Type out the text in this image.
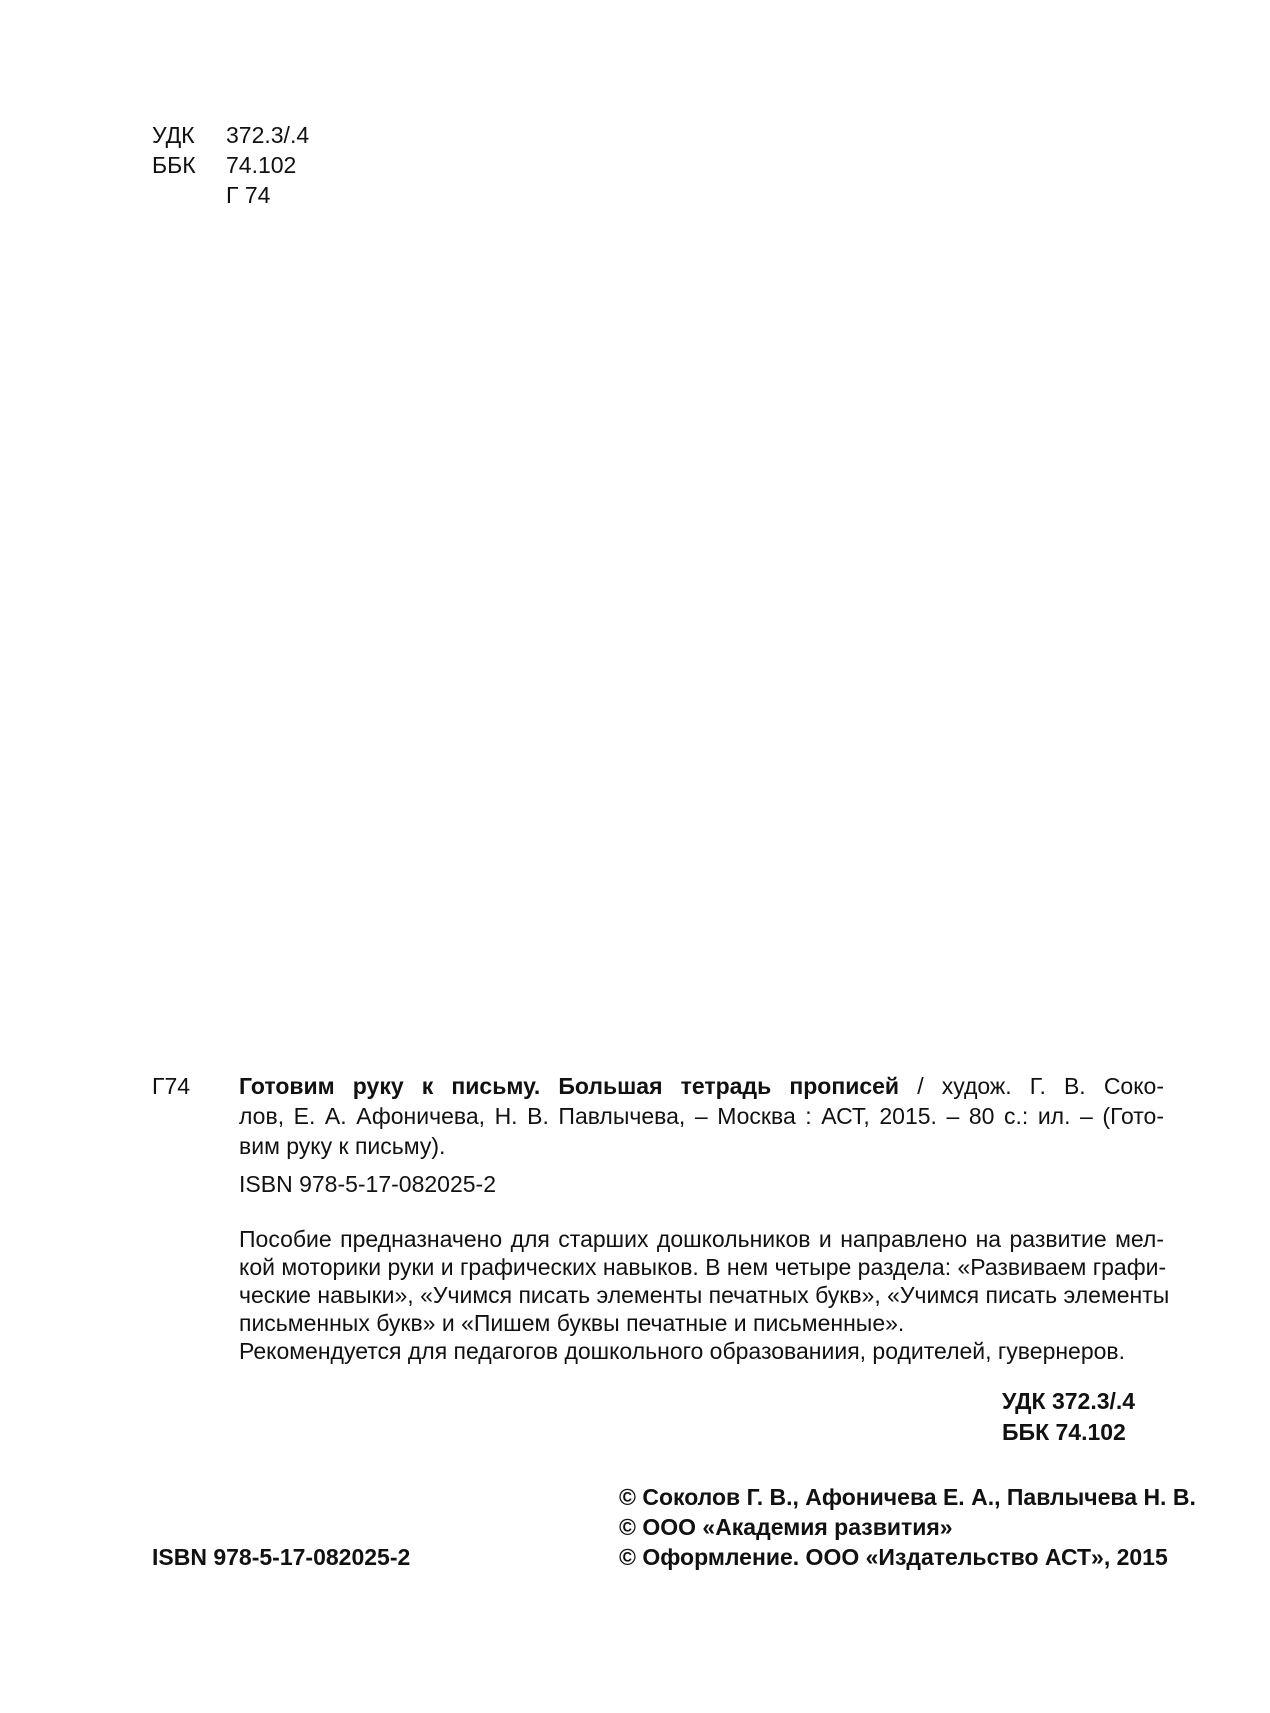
УДК 372.3/.4
ББК 74.102
Г 74
Г74	Готовим руку к письму. Большая тетрадь прописей / худож. Г. В. Соко-
лов, Е. А. Афоничева, Н. В. Павлычева, – Москва : АСТ, 2015. – 80 с.: ил. – (Гото-
вим руку к письму).
ISBN 978-5-17-082025-2
Пособие предназначено для старших дошкольников и направлено на развитие мел-
кой моторики руки и графических навыков. В нем четыре раздела: «Развиваем графи-
ческие навыки», «Учимся писать элементы печатных букв», «Учимся писать элементы
письменных букв» и «Пишем буквы печатные и письменные».
Рекомендуется для педагогов дошкольного образованиия, родителей, гувернеров.
УДК 372.3/.4
ББК 74.102
© Соколов Г. В., Афоничева Е. А., Павлычева Н. В.
© ООО «Академия развития»
© Оформление. ООО «Издательство АСТ», 2015
ISBN 978-5-17-082025-2
